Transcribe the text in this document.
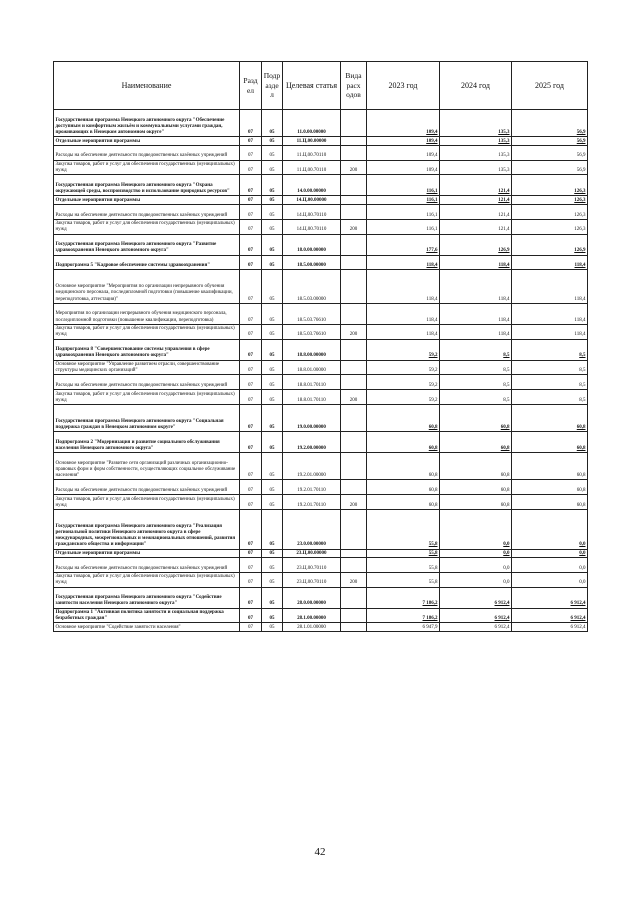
Наименование	Разд ел	Подр азде л	Целевая статья	Вида расх одов	2023 год	2024 год	2025 год
Государственная программа Ненецкого автономного округа "Обеспечение доступным и комфортным жильём и коммунальными услугами граждан, проживающих в Ненецком автономном округе"	07	05	11.0.00.00000		109,4	135,3	56,9
Отдельные мероприятия программы	07	05	11.Ц.00.00000		109,4	135,3	56,9
Расходы на обеспечение деятельности подведомственных казённых учреждений	07	05	11.Ц.00.70110		109,4	135,3	56,9
Закупка товаров, работ и услуг для обеспечения государственных (муниципальных) нужд	07	05	11.Ц.00.70110	200	109,4	135,3	56,9
Государственная программа Ненецкого автономного округа "Охрана окружающей среды, воспроизводство и использование природных ресурсов"	07	05	14.0.00.00000		116,1	121,4	126,3
Отдельные мероприятия программы	07	05	14.Ц.00.00000		116,1	121,4	126,3
Расходы на обеспечение деятельности подведомственных казённых учреждений	07	05	14.Ц.00.70110		116,1	121,4	126,3
Закупка товаров, работ и услуг для обеспечения государственных (муниципальных) нужд	07	05	14.Ц.00.70110	200	116,1	121,4	126,3
Государственная программа Ненецкого автономного округа "Развитие здравоохранения Ненецкого автономного округа"	07	05	18.0.00.00000		177,6	126,9	126,9
Подпрограмма 5 "Кадровое обеспечение системы здравоохранения"	07	05	18.5.00.00000		118,4	118,4	118,4
Основное мероприятие "Мероприятия по организации непрерывного обучения медицинского персонала, последипломной подготовки (повышение квалификации, переподготовка, аттестация)"	07	05	18.5.03.00000		118,4	118,4	118,4
Мероприятия по организации непрерывного обучения медицинского персонала, последипломной подготовки (повышение квалификации, переподготовка)	07	05	18.5.03.76610		118,4	118,4	118,4
Закупка товаров, работ и услуг для обеспечения государственных (муниципальных) нужд	07	05	18.5.03.76610	200	118,4	118,4	118,4
Подпрограмма 8 "Совершенствование системы управления в сфере здравоохранения Ненецкого автономного округа"	07	05	18.8.00.00000		59,2	8,5	8,5
Основное мероприятие "Управление развитием отрасли, совершенствование структуры медицинских организаций"	07	05	18.8.01.00000		59,2	8,5	8,5
Расходы на обеспечение деятельности подведомственных казённых учреждений	07	05	18.8.01.70110		59,2	8,5	8,5
Закупка товаров, работ и услуг для обеспечения государственных (муниципальных) нужд	07	05	18.8.01.70110	200	59,2	8,5	8,5
Государственная программа Ненецкого автономного округа "Социальная поддержка граждан в Ненецком автономном округе"	07	05	19.0.00.00000		60,8	60,8	60,8
Подпрограмма 2 "Модернизация и развитие социального обслуживания населения Ненецкого автономного округа"	07	05	19.2.00.00000		60,8	60,8	60,8
Основное мероприятие "Развитие сети организаций различных организационно-правовых форм и форм собственности, осуществляющих социальное обслуживание населения"	07	05	19.2.01.00000		60,8	60,8	60,8
Расходы на обеспечение деятельности подведомственных казённых учреждений	07	05	19.2.01.70110		60,8	60,8	60,8
Закупка товаров, работ и услуг для обеспечения государственных (муниципальных) нужд	07	05	19.2.01.70110	200	60,8	60,8	60,8
Государственная программа Ненецкого автономного округа "Реализация региональной политики Ненецкого автономного округа в сфере международных, межрегиональных и межнациональных отношений, развития гражданского общества и информации"	07	05	23.0.00.00000		55,8	0,0	0,0
Отдельные мероприятия программы	07	05	23.Ц.00.00000		55,8	0,0	0,0
Расходы на обеспечение деятельности подведомственных казённых учреждений	07	05	23.Ц.00.70110		55,8	0,0	0,0
Закупка товаров, работ и услуг для обеспечения государственных (муниципальных) нужд	07	05	23.Ц.00.70110	200	55,8	0,0	0,0
Государственная программа Ненецкого автономного округа "Содействие занятости населения Ненецкого автономного округа"	07	05	28.0.00.00000		7 186,2	6 912,4	6 912,4
Подпрограмма 1 "Активная политика занятости и социальная поддержка безработных граждан"	07	05	28.1.00.00000		7 186,2	6 912,4	6 912,4
Основное мероприятие "Содействие занятости населения"	07	05	28.1.01.00000		6 947,9	6 912,4	6 912,4
42
